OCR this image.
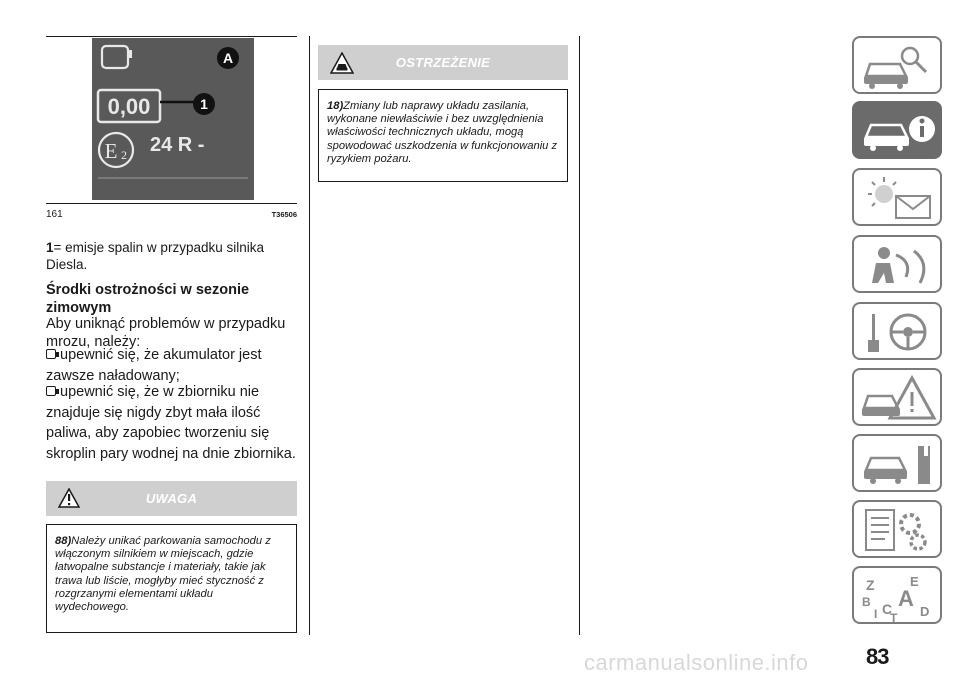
A
0,00	1
E 2 24 R -
161	T36506
1= emisje spalin w przypadku silnika Diesla.
Środki ostrożności w sezonie zimowym
Aby uniknąć problemów w przypadku mrozu, należy:
upewnić się, że akumulator jest zawsze naładowany;
upewnić się, że w zbiorniku nie znajduje się nigdy zbyt mała ilość paliwa, aby zapobiec tworzeniu się skroplin pary wodnej na dnie zbiornika.
UWAGA
88)Należy unikać parkowania samochodu z włączonym silnikiem w miejscach, gdzie łatwopalne substancje i materiały, takie jak trawa lub liście, mogłyby mieć styczność z rozgrzanymi elementami układu wydechowego.
OSTRZEŻENIE
18)Zmiany lub naprawy układu zasilania, wykonane niewłaściwie i bez uwzględnienia właściwości technicznych układu, mogą spowodować uszkodzenia w funkcjonowaniu z ryzykiem pożaru.
Z	E
B A
I C
T D
83
carmanualsonline.info
